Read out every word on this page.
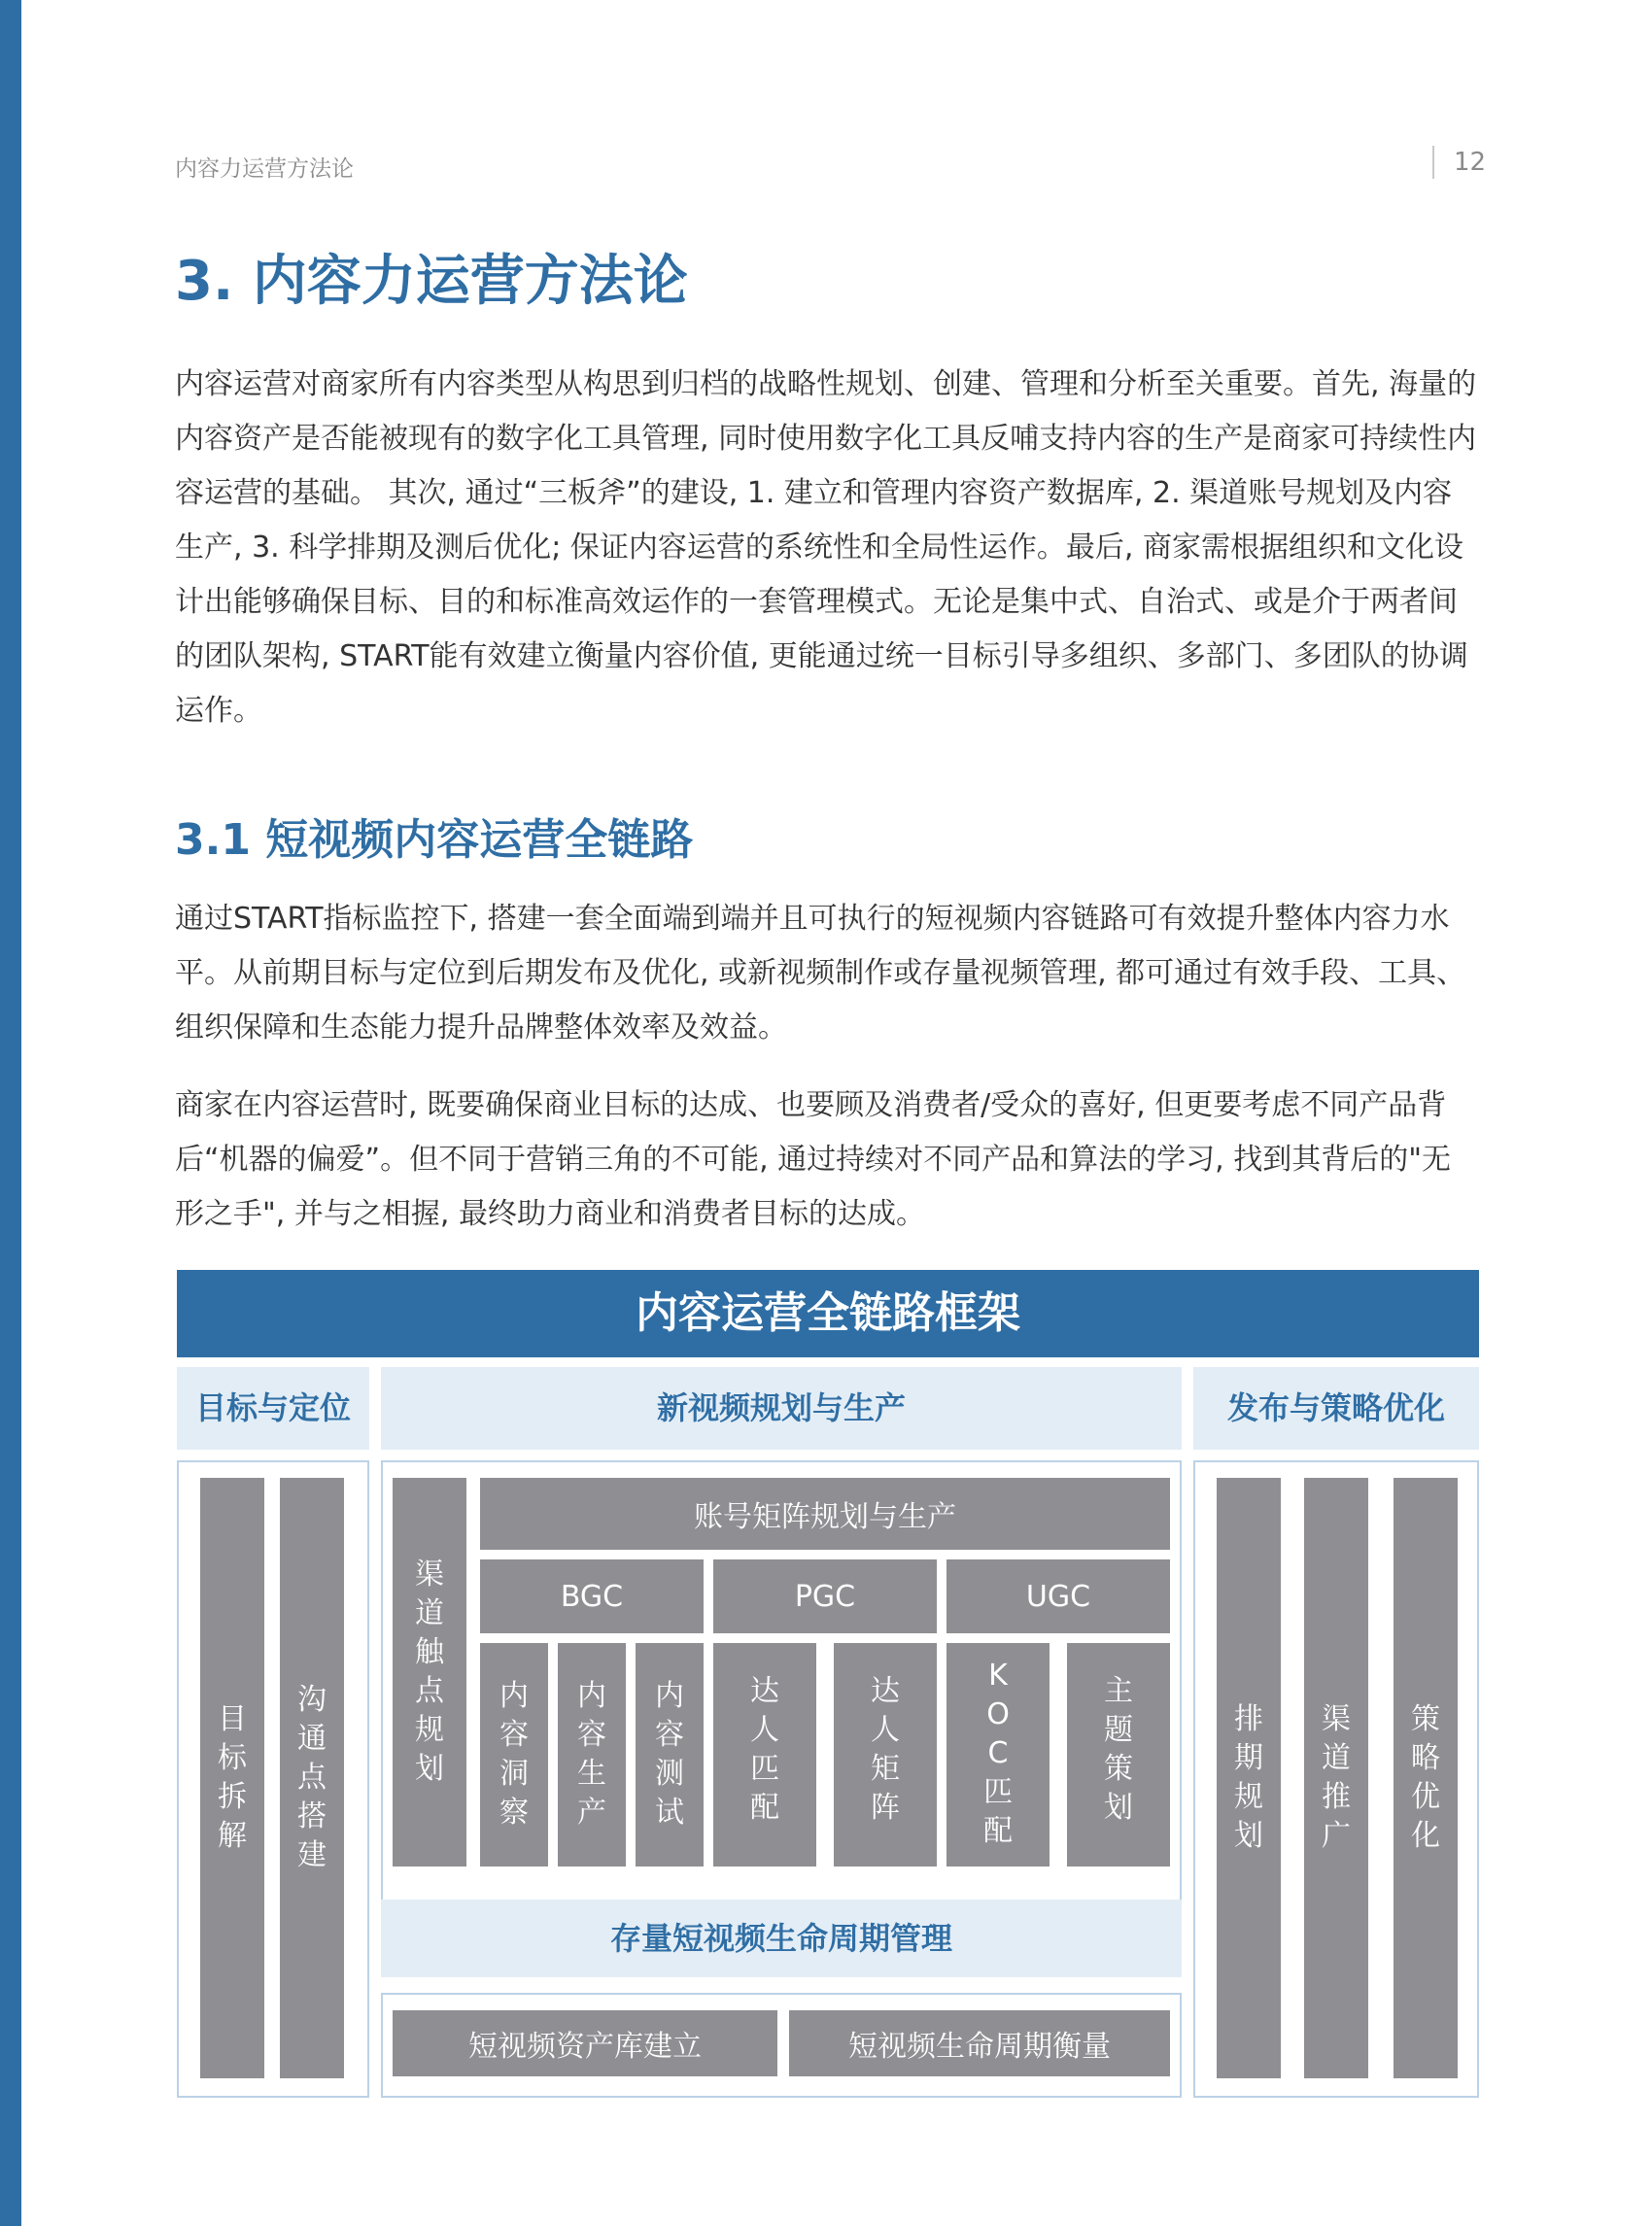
内容力运营方法论	12
3. 内容力运营方法论

内容运营对商家所有内容类型从构思到归档的战略性规划、创建、管理和分析至关重要。首先, 海量的内容资产是否能被现有的数字化工具管理, 同时使用数字化工具反哺支持内容的生产是商家可持续性内容运营的基础。 其次, 通过“三板斧”的建设, 1. 建立和管理内容资产数据库, 2. 渠道账号规划及内容生产, 3. 科学排期及测后优化; 保证内容运营的系统性和全局性运作。最后, 商家需根据组织和文化设计出能够确保目标、目的和标准高效运作的一套管理模式。无论是集中式、自治式、或是介于两者间的团队架构, START能有效建立衡量内容价值, 更能通过统一目标引导多组织、多部门、多团队的协调运作。

3.1 短视频内容运营全链路

通过START指标监控下, 搭建一套全面端到端并且可执行的短视频内容链路可有效提升整体内容力水平。从前期目标与定位到后期发布及优化, 或新视频制作或存量视频管理, 都可通过有效手段、工具、组织保障和生态能力提升品牌整体效率及效益。

商家在内容运营时, 既要确保商业目标的达成、也要顾及消费者/受众的喜好, 但更要考虑不同产品背后“机器的偏爱”。但不同于营销三角的不可能, 通过持续对不同产品和算法的学习, 找到其背后的"无形之手", 并与之相握, 最终助力商业和消费者目标的达成。

内容运营全链路框架
目标与定位	新视频规划与生产	发布与策略优化
目
标
拆
解
沟
通
点
搭
建
渠
道
触
点
规
划
账号矩阵规划与生产
BGC	PGC	UGC
内
容
洞
察
内
容
生
产
内
容
测
试
达
人
匹
配
达
人
矩
阵
K
O
C
匹
配
主
题
策
划
存量短视频生命周期管理
短视频资产库建立	短视频生命周期衡量
排
期
规
划
渠
道
推
广
策
略
优
化
